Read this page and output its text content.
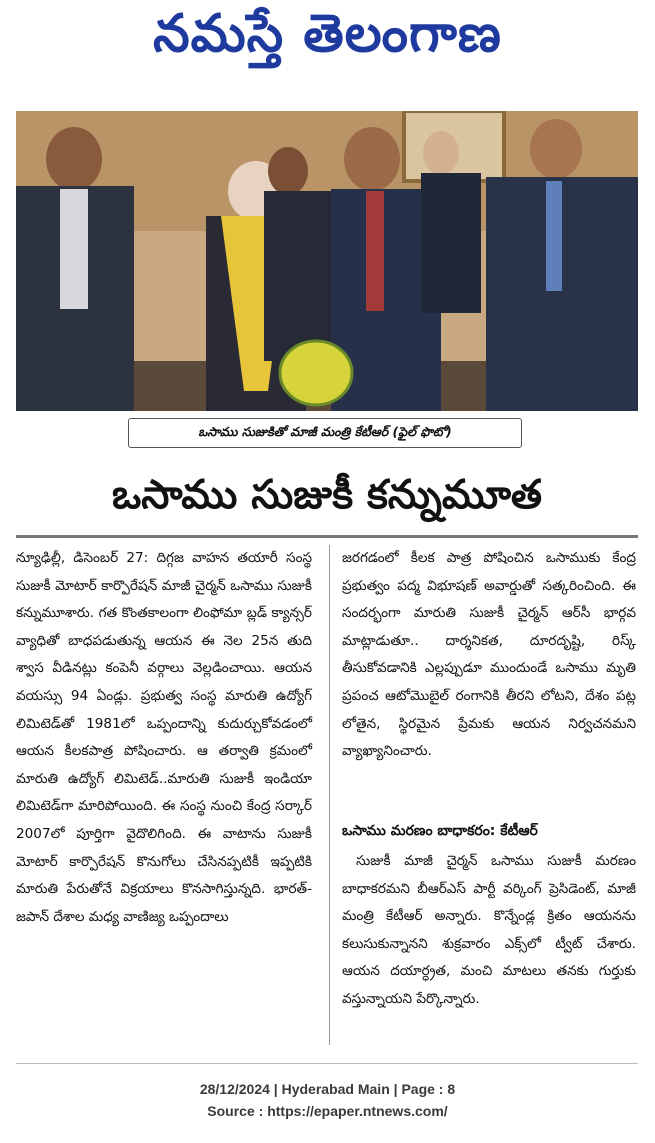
నమస్తే తెలంగాణ
ఒసాము సుజుకితో మాజీ మంత్రి కేటీఆర్ (ఫైల్ ఫొటో)
ఒసాము సుజుకీ కన్నుమూత
న్యూఢిల్లీ, డిసెంబర్ 27: దిగ్గజ వాహన తయారీ సంస్థ సుజుకీ మోటార్ కార్పొరేషన్ మాజీ చైర్మన్ ఒసాము సుజుకీ కన్నుమూశారు. గత కొంతకాలంగా లింఫోమా బ్లడ్ క్యాన్సర్ వ్యాధితో బాధపడుతున్న ఆయన ఈ నెల 25న తుది శ్వాస వీడినట్లు కంపెనీ వర్గాలు వెల్లడించాయి. ఆయన వయస్సు 94 ఏండ్లు. ప్రభుత్వ సంస్థ మారుతి ఉద్యోగ్ లిమిటెడ్‌తో 1981లో ఒప్పందాన్ని కుదుర్చుకోవడంలో ఆయన కీలకపాత్ర పోషించారు. ఆ తర్వాతి క్రమంలో మారుతి ఉద్యోగ్ లిమిటెడ్..మారుతి సుజుకీ ఇండియా లిమిటెడ్‌గా మారిపోయింది. ఈ సంస్థ నుంచి కేంద్ర సర్కార్ 2007లో పూర్తిగా వైదొలిగింది. ఈ వాటాను సుజుకీ మోటార్ కార్పొరేషన్ కొనుగోలు చేసినప్పటికీ ఇప్పటికి మారుతి పేరుతోనే విక్రయాలు కొనసాగిస్తున్నది. భారత్-జపాన్ దేశాల మధ్య వాణిజ్య ఒప్పందాలు
జరగడంలో కీలక పాత్ర పోషించిన ఒసాముకు కేంద్ర ప్రభుత్వం పద్మ విభూషణ్ అవార్డుతో సత్కరించింది. ఈ సందర్భంగా మారుతి సుజుకీ చైర్మన్ ఆర్‌సీ భార్గవ మాట్లాడుతూ.. దార్శనికత, దూరదృష్టి, రిస్క్ తీసుకోవడానికి ఎల్లప్పుడూ ముందుండే ఒసాము మృతి ప్రపంచ ఆటోమొబైల్ రంగానికి తీరని లోటని, దేశం పట్ల లోతైన, స్థిరమైన ప్రేమకు ఆయన నిర్వచనమని వ్యాఖ్యానించారు.
ఒసాము మరణం బాధాకరం: కేటీఆర్
సుజుకీ మాజీ చైర్మన్ ఒసాము సుజుకీ మరణం బాధాకరమని బీఆర్‌ఎస్ పార్టీ వర్కింగ్ ప్రెసిడెంట్, మాజీ మంత్రి కేటీఆర్ అన్నారు. కొన్నేండ్ల క్రితం ఆయనను కలుసుకున్నానని శుక్రవారం ఎక్స్‌లో ట్వీట్ చేశారు. ఆయన దయార్ధ్రత, మంచి మాటలు తనకు గుర్తుకు వస్తున్నాయని పేర్కొన్నారు.
28/12/2024 | Hyderabad Main | Page : 8
Source : https://epaper.ntnews.com/
